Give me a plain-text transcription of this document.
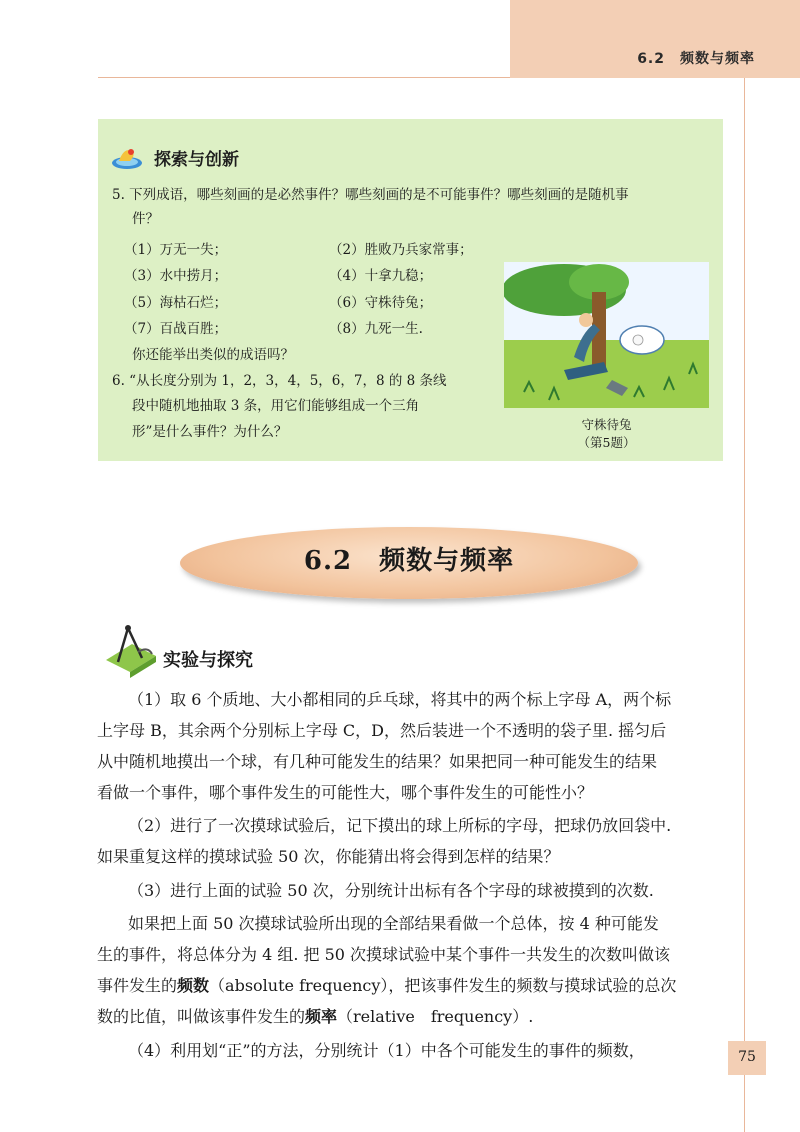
6.2　频数与频率
探索与创新
5. 下列成语，哪些刻画的是必然事件？哪些刻画的是不可能事件？哪些刻画的是随机事
件？
（1）万无一失；	（2）胜败乃兵家常事；
（3）水中捞月；	（4）十拿九稳；
（5）海枯石烂；	（6）守株待兔；
（7）百战百胜；	（8）九死一生.
你还能举出类似的成语吗？
6. “从长度分别为 1，2，3，4，5，6，7，8 的 8 条线
段中随机地抽取 3 条，用它们能够组成一个三角
形”是什么事件？为什么？	守株待兔
（第5题）
6.2　频数与频率
实验与探究
（1）取 6 个质地、大小都相同的乒乓球，将其中的两个标上字母 A，两个标
上字母 B，其余两个分别标上字母 C，D，然后装进一个不透明的袋子里. 摇匀后
从中随机地摸出一个球，有几种可能发生的结果？如果把同一种可能发生的结果
看做一个事件，哪个事件发生的可能性大，哪个事件发生的可能性小？
（2）进行了一次摸球试验后，记下摸出的球上所标的字母，把球仍放回袋中.
如果重复这样的摸球试验 50 次，你能猜出将会得到怎样的结果？
（3）进行上面的试验 50 次，分别统计出标有各个字母的球被摸到的次数.
如果把上面 50 次摸球试验所出现的全部结果看做一个总体，按 4 种可能发
生的事件，将总体分为 4 组. 把 50 次摸球试验中某个事件一共发生的次数叫做该
事件发生的频数（absolute frequency），把该事件发生的频数与摸球试验的总次
数的比值，叫做该事件发生的频率（relative　frequency）.
（4）利用划“正”的方法，分别统计（1）中各个可能发生的事件的频数，	75
